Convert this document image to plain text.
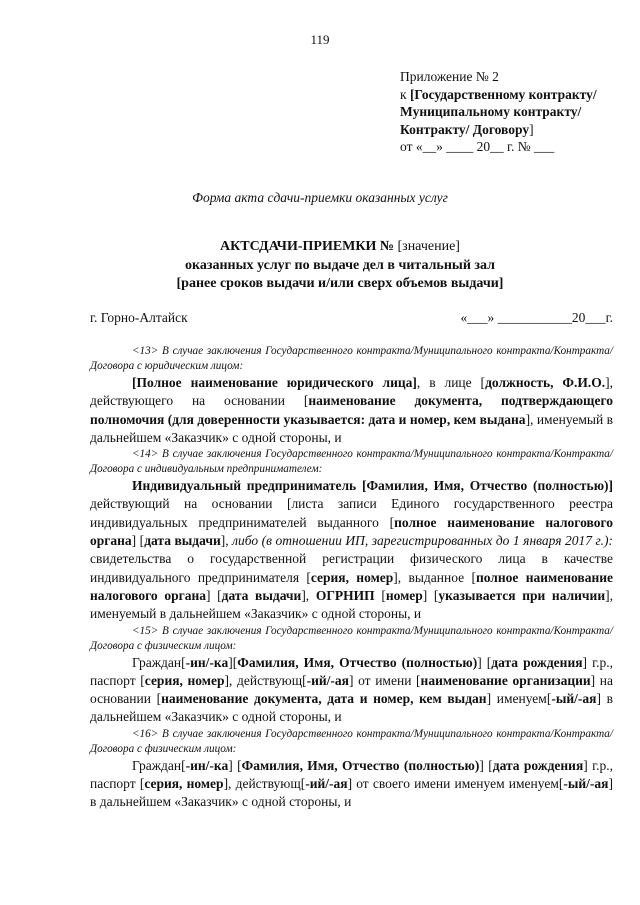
119
Приложение № 2
к [Государственному контракту/Муниципальному контракту/Контракту/ Договору]
от «__» ____ 20__ г. № ___
Форма акта сдачи-приемки оказанных услуг
АКТСДАЧИ-ПРИЕМКИ № [значение]
оказанных услуг по выдаче дел в читальный зал
[ранее сроков выдачи и/или сверх объемов выдачи]
г. Горно-Алтайск	«___» ___________20___г.

<13> В случае заключения Государственного контракта/Муниципального контракта/Контракта/Договора с юридическим лицом:

[Полное наименование юридического лица], в лице [должность, Ф.И.О.], действующего на основании [наименование документа, подтверждающего полномочия (для доверенности указывается: дата и номер, кем выдана], именуемый в дальнейшем «Заказчик» с одной стороны, и

<14> В случае заключения Государственного контракта/Муниципального контракта/Контракта/Договора с индивидуальным предпринимателем:

Индивидуальный предприниматель [Фамилия, Имя, Отчество (полностью)] действующий на основании [листа записи Единого государственного реестра индивидуальных предпринимателей выданного [полное наименование налогового органа] [дата выдачи], либо (в отношении ИП, зарегистрированных до 1 января 2017 г.): свидетельства о государственной регистрации физического лица в качестве индивидуального предпринимателя [серия, номер], выданное [полное наименование налогового органа] [дата выдачи], ОГРНИП [номер] [указывается при наличии], именуемый в дальнейшем «Заказчик» с одной стороны, и

<15> В случае заключения Государственного контракта/Муниципального контракта/Контракта/Договора с физическим лицом:

Граждан[-ин/-ка][Фамилия, Имя, Отчество (полностью)] [дата рождения] г.р., паспорт [серия, номер], действующ[-ий/-ая] от имени [наименование организации] на основании [наименование документа, дата и номер, кем выдан] именуем[-ый/-ая] в дальнейшем «Заказчик» с одной стороны, и

<16> В случае заключения Государственного контракта/Муниципального контракта/Контракта/Договора с физическим лицом:

Граждан[-ин/-ка] [Фамилия, Имя, Отчество (полностью)] [дата рождения] г.р., паспорт [серия, номер], действующ[-ий/-ая] от своего имени именуем именуем[-ый/-ая] в дальнейшем «Заказчик» с одной стороны, и
